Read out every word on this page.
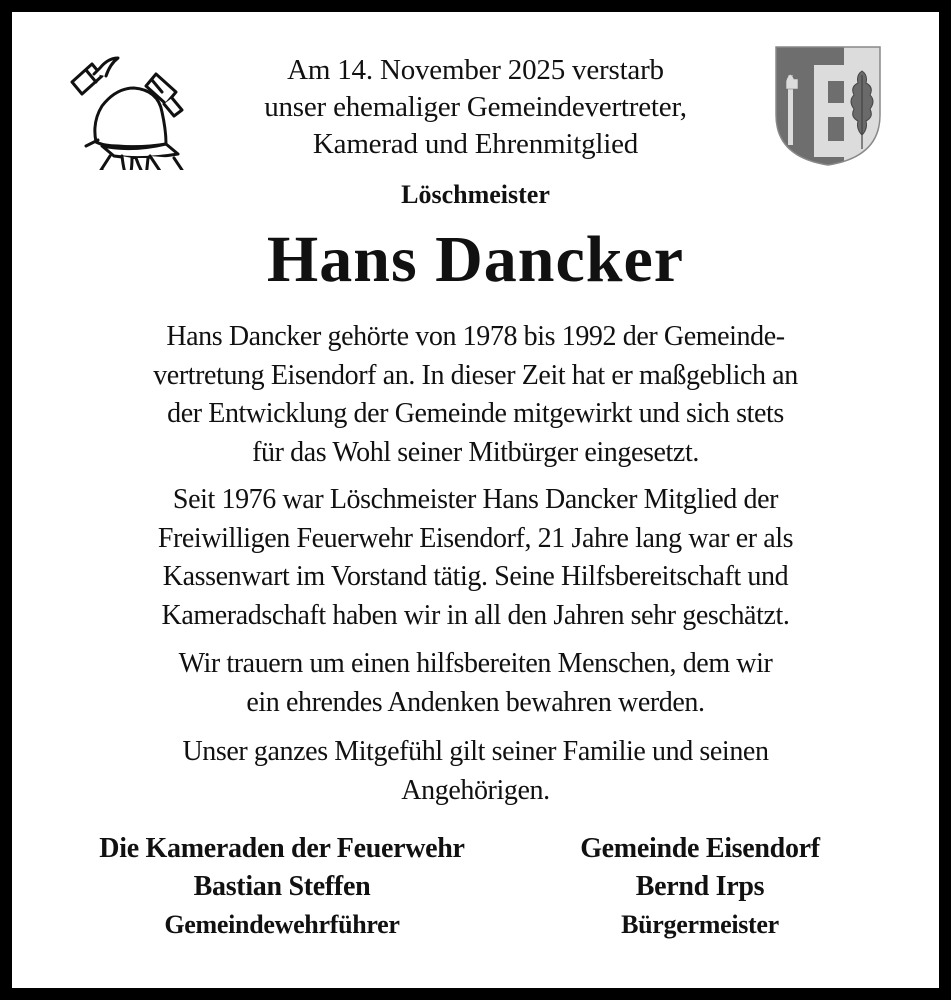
Am 14. November 2025 verstarb
unser ehemaliger Gemeindevertreter,
Kamerad und Ehrenmitglied
Löschmeister
Hans Dancker
Hans Dancker gehörte von 1978 bis 1992 der Gemeinde-
vertretung Eisendorf an. In dieser Zeit hat er maßgeblich an
der Entwicklung der Gemeinde mitgewirkt und sich stets
für das Wohl seiner Mitbürger eingesetzt.
Seit 1976 war Löschmeister Hans Dancker Mitglied der
Freiwilligen Feuerwehr Eisendorf, 21 Jahre lang war er als
Kassenwart im Vorstand tätig. Seine Hilfsbereitschaft und
Kameradschaft haben wir in all den Jahren sehr geschätzt.
Wir trauern um einen hilfsbereiten Menschen, dem wir
ein ehrendes Andenken bewahren werden.
Unser ganzes Mitgefühl gilt seiner Familie und seinen
Angehörigen.
Die Kameraden der Feuerwehr
Bastian Steffen
Gemeindewehrführer
Gemeinde Eisendorf
Bernd Irps
Bürgermeister
